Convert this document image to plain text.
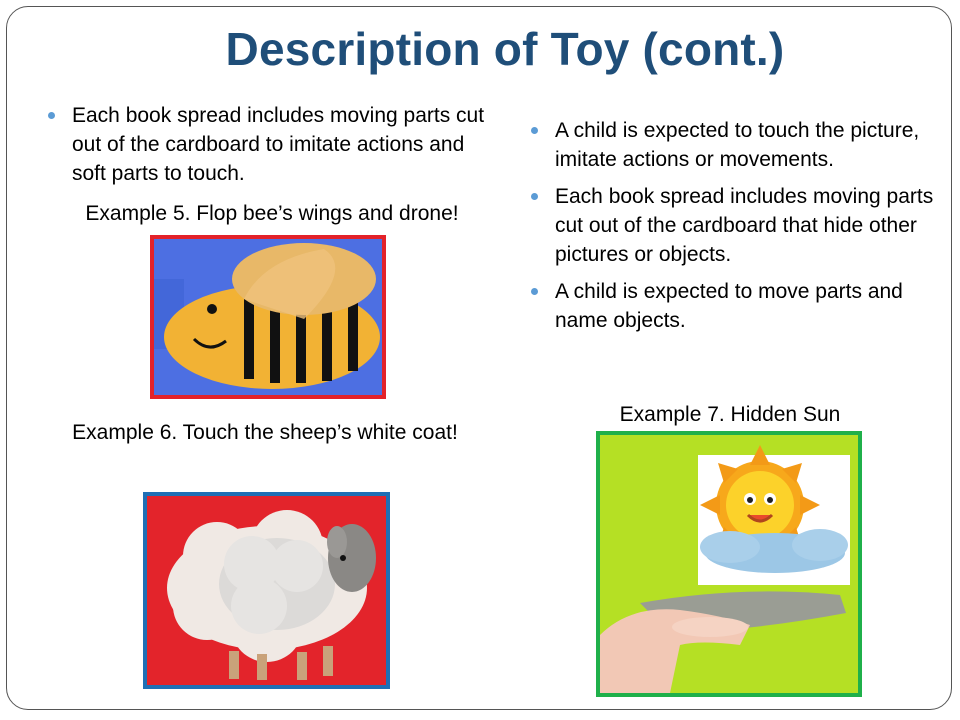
Description of Toy (cont.)
Each book spread includes moving parts cut out of the cardboard to imitate actions and soft parts to touch.
Example 5. Flop bee’s wings and drone!
Example 6. Touch the sheep’s white coat!
A child is expected to touch the picture, imitate actions or movements.
Each book spread includes moving parts cut out of the cardboard that hide other pictures or objects.
A child is expected to move parts and name objects.
Example 7. Hidden Sun
